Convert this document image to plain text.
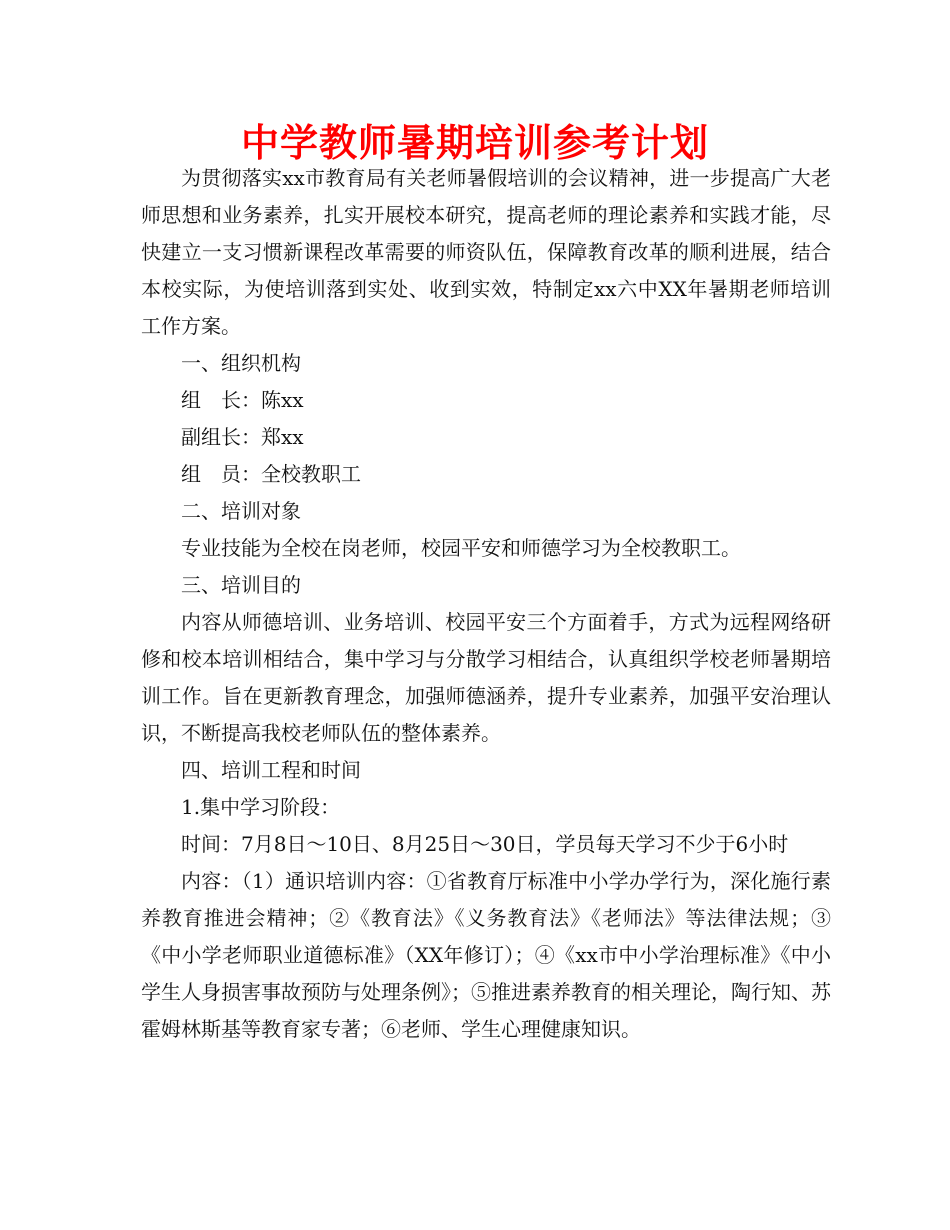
中学教师暑期培训参考计划

为贯彻落实xx市教育局有关老师暑假培训的会议精神，进一步提高广大老师思想和业务素养，扎实开展校本研究，提高老师的理论素养和实践才能，尽快建立一支习惯新课程改革需要的师资队伍，保障教育改革的顺利进展，结合本校实际，为使培训落到实处、收到实效，特制定xx六中XX年暑期老师培训工作方案。

一、组织机构

组　长：陈xx

副组长：郑xx

组　员：全校教职工

二、培训对象

专业技能为全校在岗老师，校园平安和师德学习为全校教职工。

三、培训目的

内容从师德培训、业务培训、校园平安三个方面着手，方式为远程网络研修和校本培训相结合，集中学习与分散学习相结合，认真组织学校老师暑期培训工作。旨在更新教育理念，加强师德涵养，提升专业素养，加强平安治理认识，不断提高我校老师队伍的整体素养。

四、培训工程和时间

1.集中学习阶段：

时间：7月8日～10日、8月25日～30日，学员每天学习不少于6小时

内容：（1）通识培训内容：①省教育厅标准中小学办学行为，深化施行素养教育推进会精神；②《教育法》《义务教育法》《老师法》等法律法规；③《中小学老师职业道德标准》（XX年修订）；④《xx市中小学治理标准》《中小学生人身损害事故预防与处理条例》；⑤推进素养教育的相关理论，陶行知、苏霍姆林斯基等教育家专著；⑥老师、学生心理健康知识。
